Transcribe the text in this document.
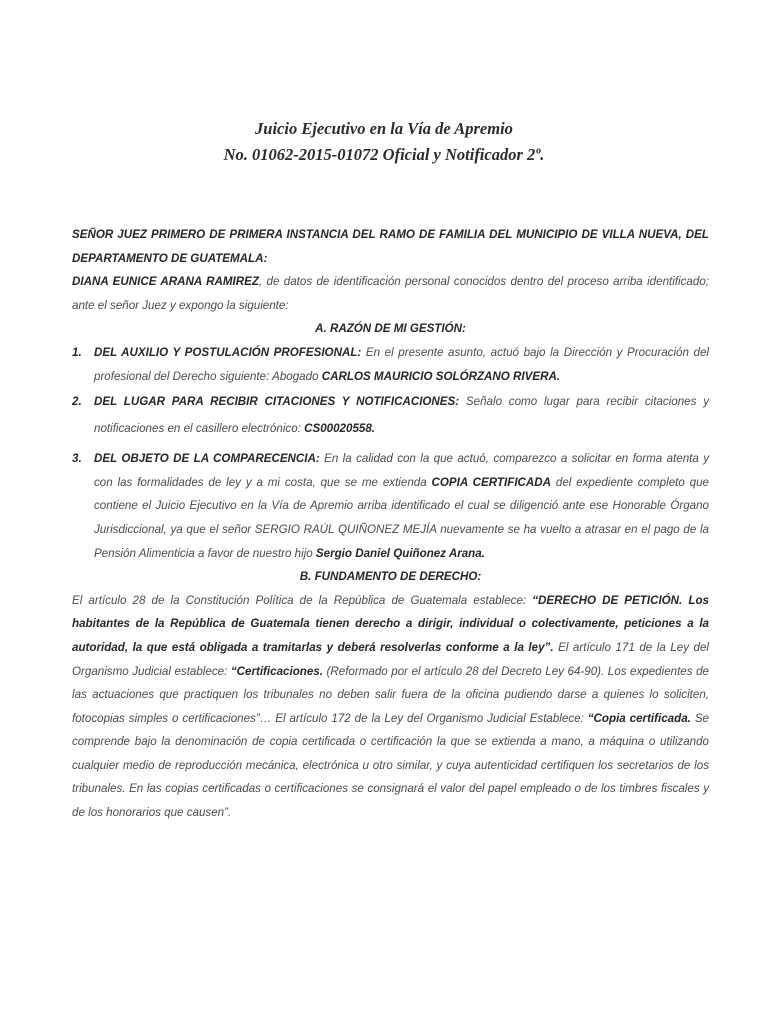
Juicio Ejecutivo en la Vía de Apremio
No. 01062-2015-01072 Oficial y Notificador 2º.

SEÑOR JUEZ PRIMERO DE PRIMERA INSTANCIA DEL RAMO DE FAMILIA DEL MUNICIPIO DE VILLA NUEVA, DEL DEPARTAMENTO DE GUATEMALA:

DIANA EUNICE ARANA RAMIREZ, de datos de identificación personal conocidos dentro del proceso arriba identificado; ante el señor Juez y expongo la siguiente:

A. RAZÓN DE MI GESTIÓN:

1. DEL AUXILIO Y POSTULACIÓN PROFESIONAL: En el presente asunto, actuó bajo la Dirección y Procuración del profesional del Derecho siguiente: Abogado CARLOS MAURICIO SOLÓRZANO RIVERA.

2. DEL LUGAR PARA RECIBIR CITACIONES Y NOTIFICACIONES: Señalo como lugar para recibir citaciones y notificaciones en el casillero electrónico: CS00020558.

3. DEL OBJETO DE LA COMPARECENCIA: En la calidad con la que actuó, comparezco a solicitar en forma atenta y con las formalidades de ley y a mi costa, que se me extienda COPIA CERTIFICADA del expediente completo que contiene el Juicio Ejecutivo en la Vía de Apremio arriba identificado el cual se diligenció ante ese Honorable Órgano Jurisdiccional, ya que el señor SERGIO RAÚL QUIÑONEZ MEJÍA nuevamente se ha vuelto a atrasar en el pago de la Pensión Alimenticia a favor de nuestro hijo Sergio Daniel Quiñonez Arana.

B. FUNDAMENTO DE DERECHO:

El artículo 28 de la Constitución Política de la República de Guatemala establece: “DERECHO DE PETICIÓN. Los habitantes de la República de Guatemala tienen derecho a dirigir, individual o colectivamente, peticiones a la autoridad, la que está obligada a tramitarlas y deberá resolverlas conforme a la ley”. El artículo 171 de la Ley del Organismo Judicial establece: “Certificaciones. (Reformado por el artículo 28 del Decreto Ley 64-90). Los expedientes de las actuaciones que practiquen los tribunales no deben salir fuera de la oficina pudiendo darse a quienes lo soliciten, fotocopias simples o certificaciones”… El artículo 172 de la Ley del Organismo Judicial Establece: “Copia certificada. Se comprende bajo la denominación de copia certificada o certificación la que se extienda a mano, a máquina o utilizando cualquier medio de reproducción mecánica, electrónica u otro similar, y cuya autenticidad certifiquen los secretarios de los tribunales. En las copias certificadas o certificaciones se consignará el valor del papel empleado o de los timbres fiscales y de los honorarios que causen”.
